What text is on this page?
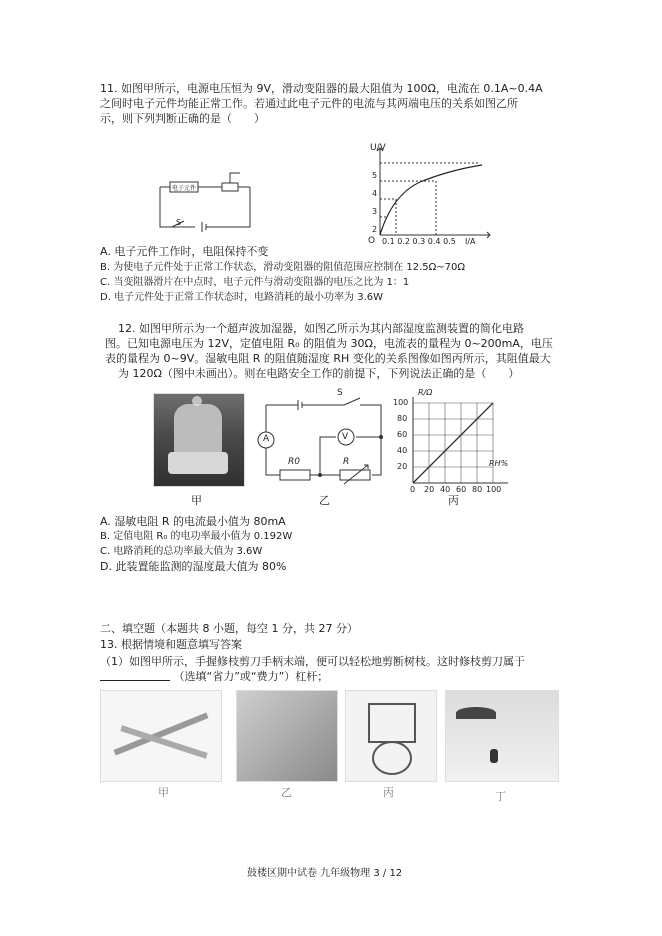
11. 如图甲所示，电源电压恒为 9V，滑动变阻器的最大阻值为 100Ω，电流在 0.1A~0.4A
之间时电子元件均能正常工作。若通过此电子元件的电流与其两端电压的关系如图乙所
示，则下列判断正确的是（　　）
电子元件
S
U/V
5
4
3
2
O 0.1 0.2 0.3 0.4 0.5 I/A
A. 电子元件工作时，电阻保持不变
B. 为使电子元件处于正常工作状态，滑动变阻器的阻值范围应控制在 12.5Ω~70Ω
C. 当变阻器滑片在中点时，电子元件与滑动变阻器的电压之比为 1：1
D. 电子元件处于正常工作状态时，电路消耗的最小功率为 3.6W
12. 如图甲所示为一个超声波加湿器，如图乙所示为其内部湿度监测装置的简化电路
图。已知电源电压为 12V，定值电阻 R₀ 的阻值为 30Ω，电流表的量程为 0~200mA，电压
表的量程为 0~9V。湿敏电阻 R 的阻值随湿度 RH 变化的关系图像如图丙所示，其阻值最大
为 120Ω（图中未画出）。则在电路安全工作的前提下，下列说法正确的是（　　）
甲
S
A	V
R0	R
乙
R/Ω
100
80
60
40
20	RH%
0 20 40 60 80 100
丙
A. 湿敏电阻 R 的电流最小值为 80mA
B. 定值电阻 R₀ 的电功率最小值为 0.192W
C. 电路消耗的总功率最大值为 3.6W
D. 此装置能监测的湿度最大值为 80%
二、填空题（本题共 8 小题，每空 1 分，共 27 分）
13. 根据情境和题意填写答案
（1）如图甲所示，手握修枝剪刀手柄末端，便可以轻松地剪断树枝。这时修枝剪刀属于
（选填“省力”或“费力”）杠杆；
甲	乙	丙	丁
鼓楼区期中试卷 九年级物理 3 / 12
